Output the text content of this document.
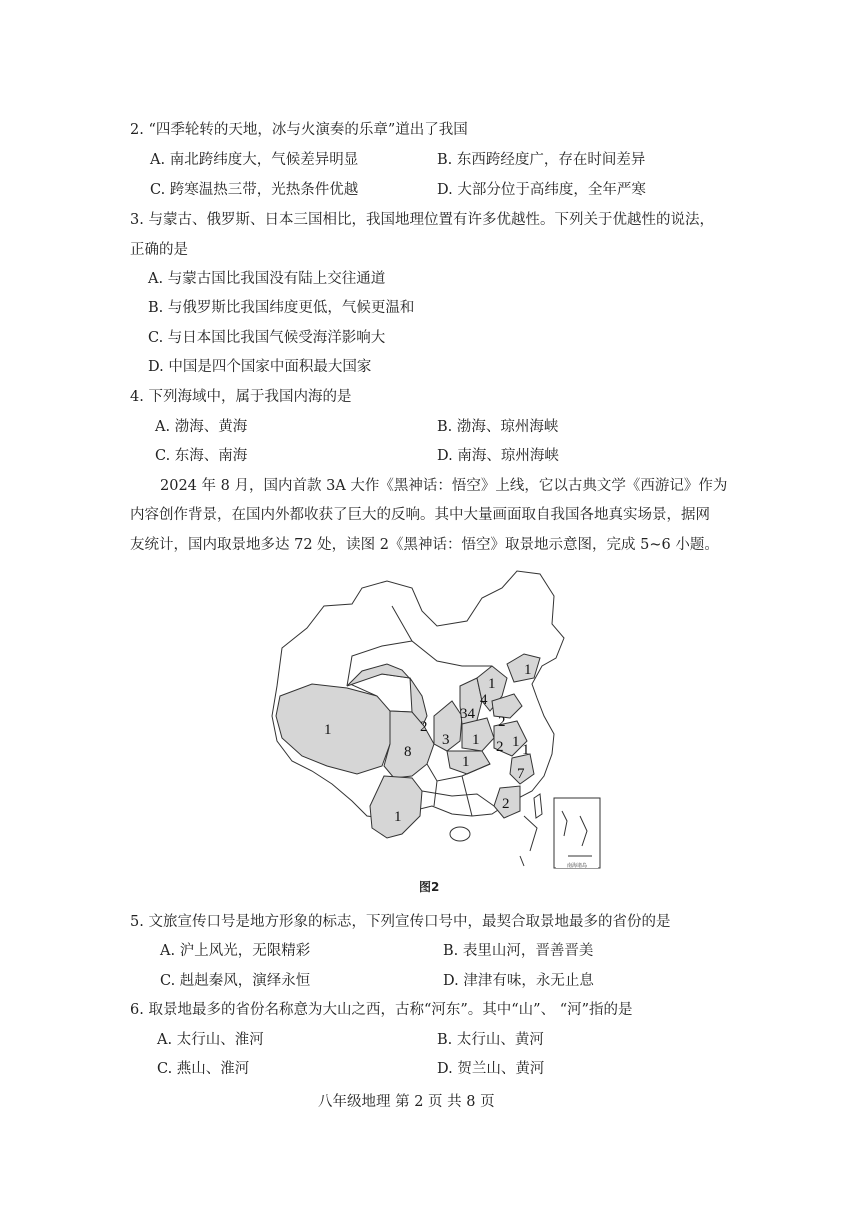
2. “四季轮转的天地，冰与火演奏的乐章”道出了我国
A. 南北跨纬度大，气候差异明显	B. 东西跨经度广，存在时间差异
C. 跨寒温热三带，光热条件优越	D. 大部分位于高纬度，全年严寒
3. 与蒙古、俄罗斯、日本三国相比，我国地理位置有许多优越性。下列关于优越性的说法，
正确的是
A. 与蒙古国比我国没有陆上交往通道
B. 与俄罗斯比我国纬度更低，气候更温和
C. 与日本国比我国气候受海洋影响大
D. 中国是四个国家中面积最大国家
4. 下列海域中，属于我国内海的是
A. 渤海、黄海	B. 渤海、琼州海峡
C. 东海、南海	D. 南海、琼州海峡
2024 年 8 月，国内首款 3A 大作《黑神话：悟空》上线，它以古典文学《西游记》作为
内容创作背景，在国内外都收获了巨大的反响。其中大量画面取自我国各地真实场景，据网
友统计，国内取景地多达 72 处，读图 2《黑神话：悟空》取景地示意图，完成 5~6 小题。
南海诸岛
1
8
1
2
3
34
4
1
2
1 2 1
1
1
7
2
1
图2
5. 文旅宣传口号是地方形象的标志，下列宣传口号中，最契合取景地最多的省份的是
A. 沪上风光，无限精彩	B. 表里山河，晋善晋美
C. 赳赳秦风，演绎永恒	D. 津津有味，永无止息
6. 取景地最多的省份名称意为大山之西，古称“河东”。其中“山”、 “河”指的是
A. 太行山、淮河	B. 太行山、黄河
C. 燕山、淮河	D. 贺兰山、黄河
八年级地理 第 2 页 共 8 页
